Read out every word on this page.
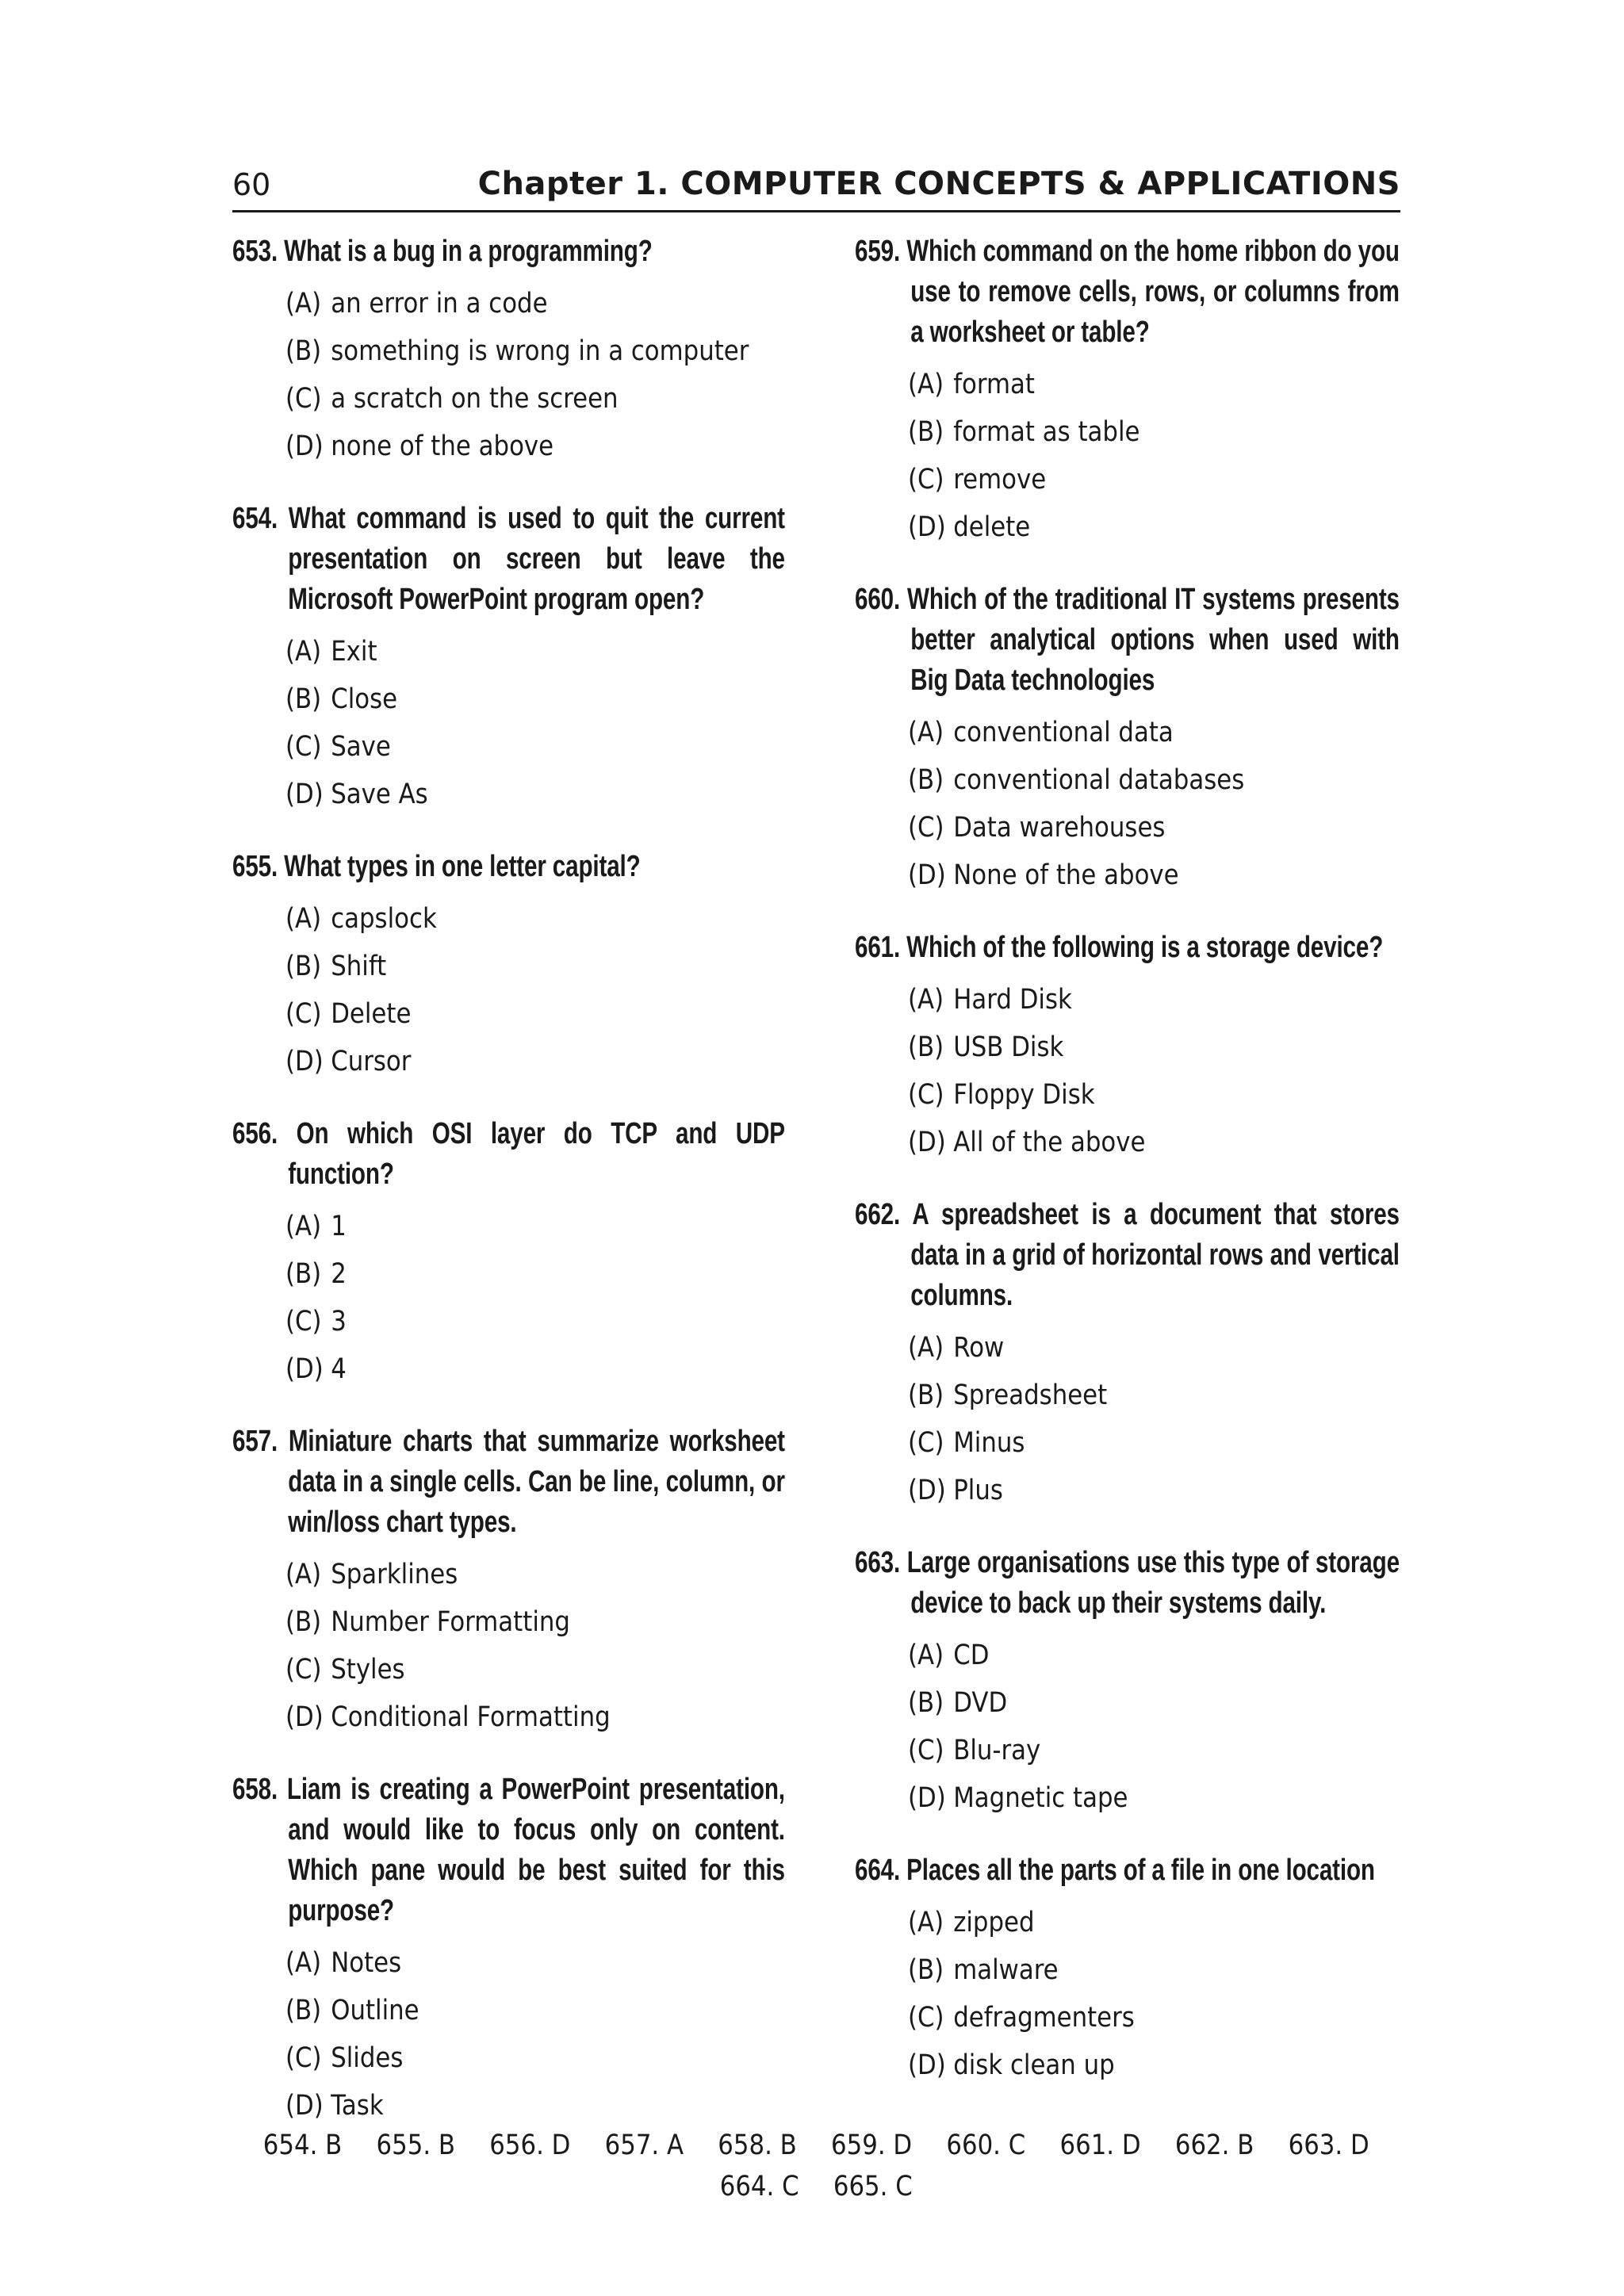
60	Chapter 1. COMPUTER CONCEPTS & APPLICATIONS
653. What is a bug in a programming?
(A) an error in a code
(B) something is wrong in a computer
(C) a scratch on the screen
(D) none of the above
654. What command is used to quit the current presentation on screen but leave the Microsoft PowerPoint program open?
(A) Exit
(B) Close
(C) Save
(D) Save As
655. What types in one letter capital?
(A) capslock
(B) Shift
(C) Delete
(D) Cursor
656. On which OSI layer do TCP and UDP function?
(A) 1
(B) 2
(C) 3
(D) 4
657. Miniature charts that summarize worksheet data in a single cells. Can be line, column, or win/loss chart types.
(A) Sparklines
(B) Number Formatting
(C) Styles
(D) Conditional Formatting
658. Liam is creating a PowerPoint presentation, and would like to focus only on content. Which pane would be best suited for this purpose?
(A) Notes
(B) Outline
(C) Slides
(D) Task
659. Which command on the home ribbon do you use to remove cells, rows, or columns from a worksheet or table?
(A) format
(B) format as table
(C) remove
(D) delete
660. Which of the traditional IT systems presents better analytical options when used with Big Data technologies
(A) conventional data
(B) conventional databases
(C) Data warehouses
(D) None of the above
661. Which of the following is a storage device?
(A) Hard Disk
(B) USB Disk
(C) Floppy Disk
(D) All of the above
662. A spreadsheet is a document that stores data in a grid of horizontal rows and vertical columns.
(A) Row
(B) Spreadsheet
(C) Minus
(D) Plus
663. Large organisations use this type of storage device to back up their systems daily.
(A) CD
(B) DVD
(C) Blu-ray
(D) Magnetic tape
664. Places all the parts of a file in one location
(A) zipped
(B) malware
(C) defragmenters
(D) disk clean up
654. B 655. B 656. D 657. A 658. B 659. D 660. C 661. D 662. B 663. D 664. C 665. C
